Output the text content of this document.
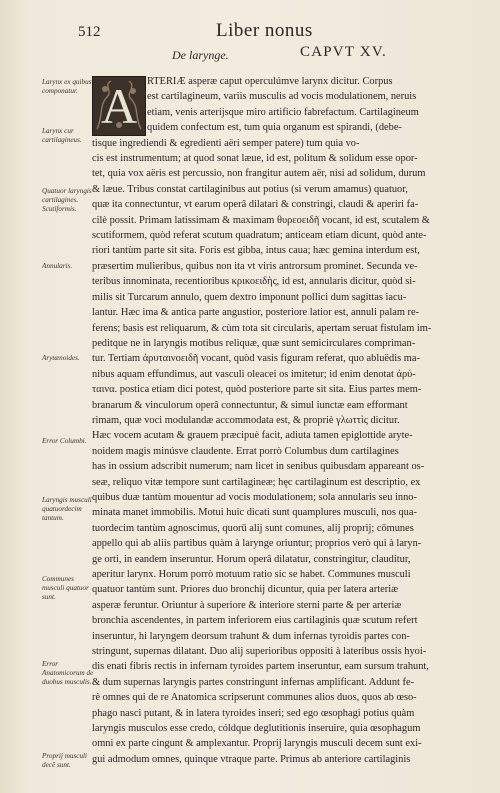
512	Liber nonus
De larynge.	CAPVT XV.
Larynx ex quibus componatur.
Larynx cur cartilagineus.
Quatuor laryngis cartilagines. Scutiformis.
Annularis.
Arytænoides.
Error Columbi.
Laryngis musculi quatuordecim tantum.
Communes musculi quatuor sunt.
Error Anatomicorum de duobus musculis.
Proprij musculi decē sunt.
A RTERIÆ asperæ caput operculúmve larynx dicitur. Corpus
est cartilagineum, variis musculis ad vocis modulationem, neruis
etiam, venis arterijsque miro artificio fabrefactum. Cartilagineum
quidem confectum est, tum quia organum est spirandi, (debe-
tisque ingrediendi & egredienti aëri semper patere) tum quia vo-
cis est instrumentum; at quod sonat læue, id est, politum & solidum esse opor-
tet, quia vox aëris est percussio, non frangitur autem aër, nisi ad solidum, durum
& læue. Tribus constat cartilaginibus aut potius (si verum amamus) quatuor,
quæ ita connectuntur, vt earum operâ dilatari & constringi, claudi & aperiri fa-
cilè possit. Primam latissimam & maximam θυρεοειδῆ vocant, id est, scutalem &
scutiformem, quòd referat scutum quadratum; anticeam etiam dicunt, quòd ante-
riori tantùm parte sit sita. Foris est gibba, intus caua; hæc gemina interdum est,
præsertim mulieribus, quibus non ita vt viris antrorsum prominet. Secunda ve-
teribus innominata, recentioribus κρικοειδὴς, id est, annularis dicitur, quòd si-
milis sit Turcarum annulo, quem dextro imponunt pollici dum sagittas iacu-
lantur. Hæc ima & antica parte angustior, posteriore latior est, annuli palam re-
ferens; basis est reliquarum, & cùm tota sit circularis, apertam seruat fistulam im-
peditque ne in laryngis motibus reliquæ, quæ sunt semicirculares compriman-
tur. Tertiam ἀρυταινοειδῆ vocant, quòd vasis figuram referat, quo abluëdis ma-
nibus aquam effundimus, aut vasculi oleacei os imitetur; id enim denotat ἀρύ-
ταινα. postica etiam dici potest, quòd posteriore parte sit sita. Eius partes mem-
branarum & vinculorum operâ connectuntur, & simul iunctæ eam efformant
rimam, quæ voci modulandæ accommodata est, & propriè γλωττὶς dicitur.
Hæc vocem acutam & grauem præcipuè facit, adiuta tamen epiglottide aryte-
noidem magis minúsve claudente. Errat porrò Columbus dum cartilagines
has in ossium adscribit numerum; nam licet in senibus quibusdam appareant os-
seæ, reliquo vitæ tempore sunt cartilagineæ; hęc cartilaginum est descriptio, ex
quibus duæ tantùm mouentur ad vocis modulationem; sola annularis seu inno-
minata manet immobilis. Motui huic dicati sunt quamplures musculi, nos qua-
tuordecim tantùm agnoscimus, quorū alij sunt comunes, alij proprij; cōmunes
appello qui ab aliis partibus quàm à larynge oriuntur; proprios verò qui à laryn-
ge orti, in eandem inseruntur. Horum operâ dilatatur, constringitur, clauditur,
aperitur larynx. Horum porrò motuum ratio sic se habet. Communes musculi
quatuor tantùm sunt. Priores duo bronchij dicuntur, quia per latera arteriæ
asperæ feruntur. Oriuntur à superiore & interiore sterni parte & per arteriæ
bronchia ascendentes, in partem inferiorem eius cartilaginis quæ scutum refert
inseruntur, hi laryngem deorsum trahunt & dum infernas tyroidis partes con-
stringunt, supernas dilatant. Duo alij superioribus oppositi à lateribus ossis hyoi-
dis enati fibris rectis in infernam tyroides partem inseruntur, eam sursum trahunt,
& dum supernas laryngis partes constringunt infernas amplificant. Addunt fe-
rè omnes qui de re Anatomica scripserunt communes alios duos, quos ab œso-
phago nasci putant, & in latera tyroides inseri; sed ego œsophagi potius quàm
laryngis musculos esse credo, cóldque deglutitionis inseruire, quia œsophagum
omni ex parte cingunt & amplexantur. Proprij laryngis musculi decem sunt exi-
gui admodum omnes, quinque vtraque parte. Primus ab anteriore cartilaginis
